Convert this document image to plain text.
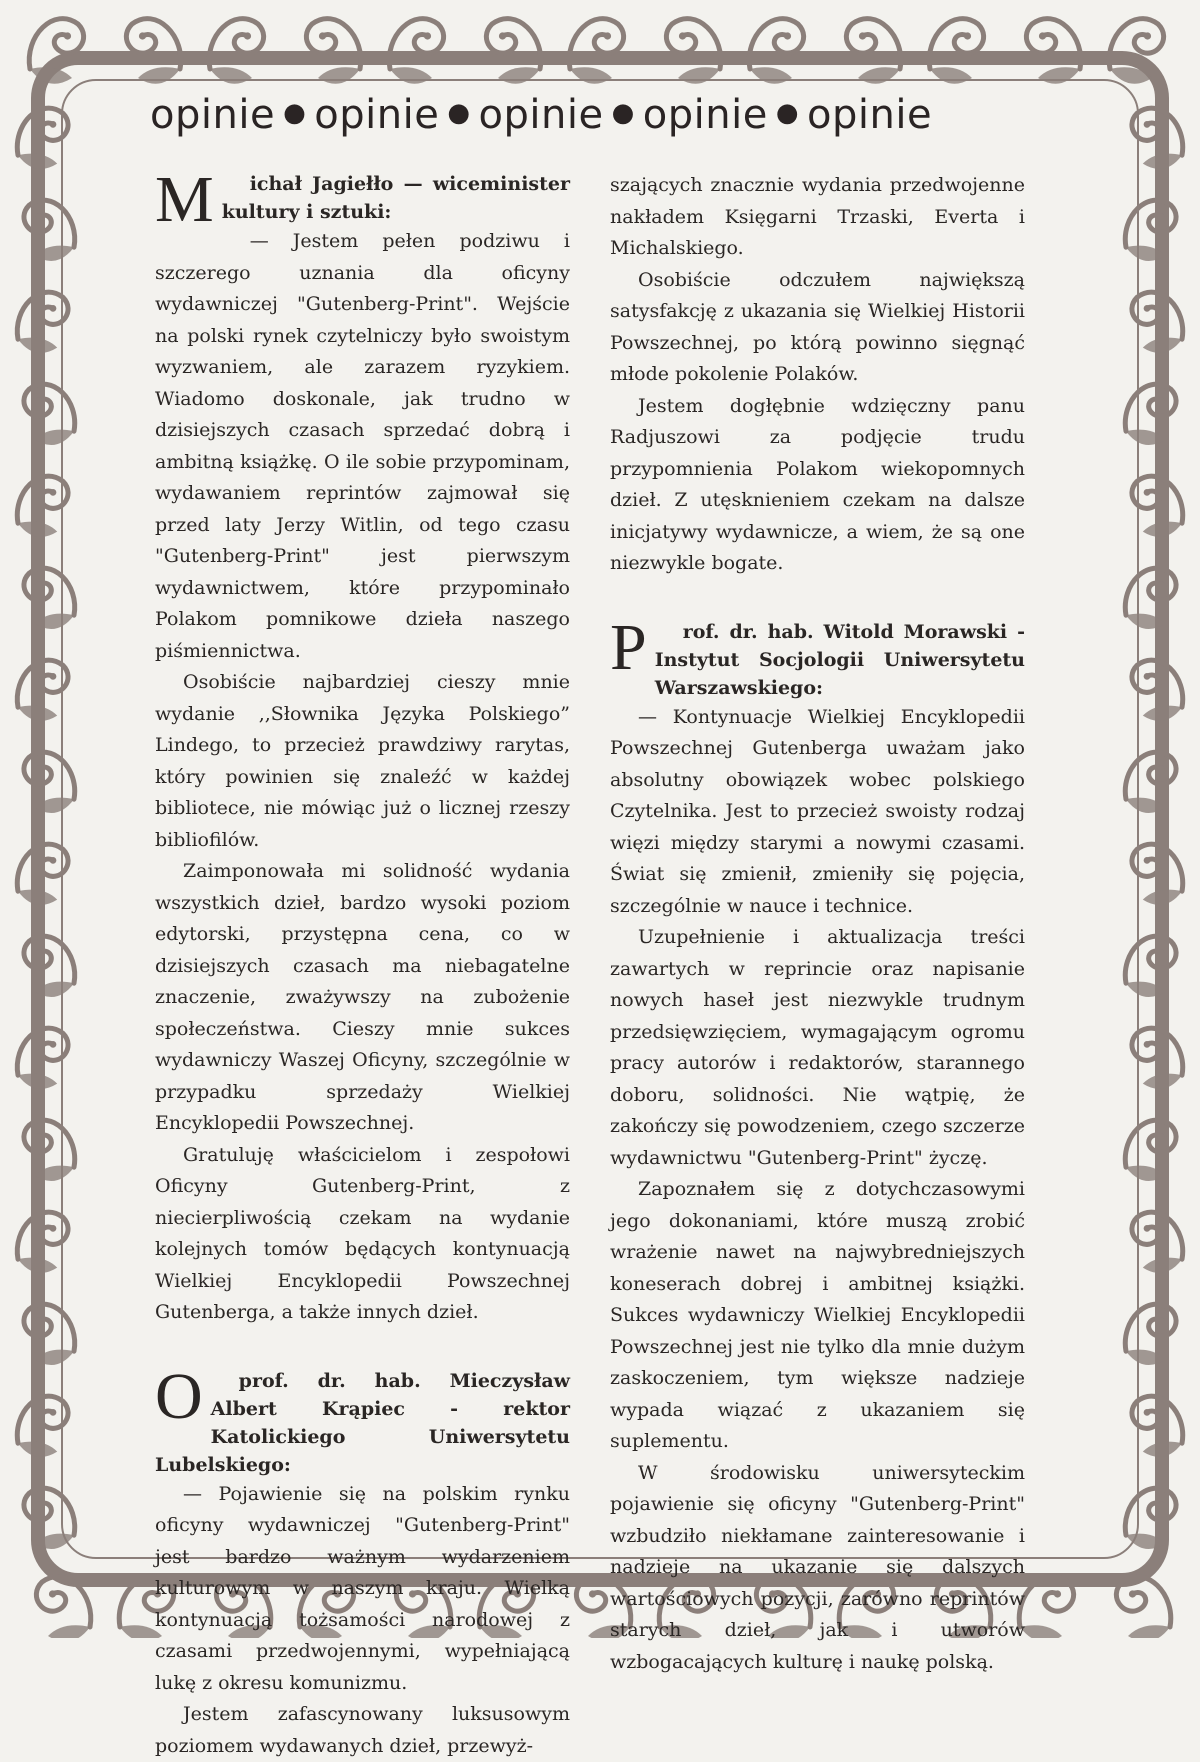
opinie ● opinie ● opinie ● opinie ● opinie
M	ichał Jagiełło — wiceminister kultury i sztuki:

— Jestem pełen podziwu i szczerego uznania dla oficyny wydawniczej "Gutenberg-Print". Wejście na polski rynek czytelniczy było swoistym wyzwaniem, ale zarazem ryzykiem. Wiadomo doskonale, jak trudno w dzisiejszych czasach sprzedać dobrą i ambitną książkę. O ile sobie przypominam, wydawaniem reprintów zajmował się przed laty Jerzy Witlin, od tego czasu "Gutenberg-Print" jest pierwszym wydawnictwem, które przypominało Polakom pomnikowe dzieła naszego piśmiennictwa.

Osobiście najbardziej cieszy mnie wydanie ,,Słownika Języka Polskiego” Lindego, to przecież prawdziwy rarytas, który powinien się znaleźć w każdej bibliotece, nie mówiąc już o licznej rzeszy bibliofilów.

Zaimponowała mi solidność wydania wszystkich dzieł, bardzo wysoki poziom edytorski, przystępna cena, co w dzisiejszych czasach ma niebagatelne znaczenie, zważywszy na zubożenie społeczeństwa. Cieszy mnie sukces wydawniczy Waszej Oficyny, szczególnie w przypadku sprzedaży Wielkiej Encyklopedii Powszechnej.

Gratuluję właścicielom i zespołowi Oficyny Gutenberg-Print, z niecierpliwością czekam na wydanie kolejnych tomów będących kontynuacją Wielkiej Encyklopedii Powszechnej Gutenberga, a także innych dzieł.

O	prof. dr. hab. Mieczysław Albert Krąpiec - rektor Katolickiego Uniwersytetu Lubelskiego:

— Pojawienie się na polskim rynku oficyny wydawniczej "Gutenberg-Print" jest bardzo ważnym wydarzeniem kulturowym w naszym kraju. Wielką kontynuacją tożsamości narodowej z czasami przedwojennymi, wypełniającą lukę z okresu komunizmu.

Jestem zafascynowany luksusowym poziomem wydawanych dzieł, przewyż-

szających znacznie wydania przedwojenne nakładem Księgarni Trzaski, Everta i Michalskiego.

Osobiście odczułem największą satysfakcję z ukazania się Wielkiej Historii Powszechnej, po którą powinno sięgnąć młode pokolenie Polaków.

Jestem dogłębnie wdzięczny panu Radjuszowi za podjęcie trudu przypomnienia Polakom wiekopomnych dzieł. Z utęsknieniem czekam na dalsze inicjatywy wydawnicze, a wiem, że są one niezwykle bogate.

P	rof. dr. hab. Witold Morawski - Instytut Socjologii Uniwersytetu Warszawskiego:

— Kontynuacje Wielkiej Encyklopedii Powszechnej Gutenberga uważam jako absolutny obowiązek wobec polskiego Czytelnika. Jest to przecież swoisty rodzaj więzi między starymi a nowymi czasami. Świat się zmienił, zmieniły się pojęcia, szczególnie w nauce i technice.

Uzupełnienie i aktualizacja treści zawartych w reprincie oraz napisanie nowych haseł jest niezwykle trudnym przedsięwzięciem, wymagającym ogromu pracy autorów i redaktorów, starannego doboru, solidności. Nie wątpię, że zakończy się powodzeniem, czego szczerze wydawnictwu "Gutenberg-Print" życzę.

Zapoznałem się z dotychczasowymi jego dokonaniami, które muszą zrobić wrażenie nawet na najwybredniejszych koneserach dobrej i ambitnej książki. Sukces wydawniczy Wielkiej Encyklopedii Powszechnej jest nie tylko dla mnie dużym zaskoczeniem, tym większe nadzieje wypada wiązać z ukazaniem się suplementu.

W środowisku uniwersyteckim pojawienie się oficyny "Gutenberg-Print" wzbudziło niekłamane zainteresowanie i nadzieje na ukazanie się dalszych wartościowych pozycji, zarówno reprintów starych dzieł, jak i utworów wzbogacających kulturę i naukę polską.
